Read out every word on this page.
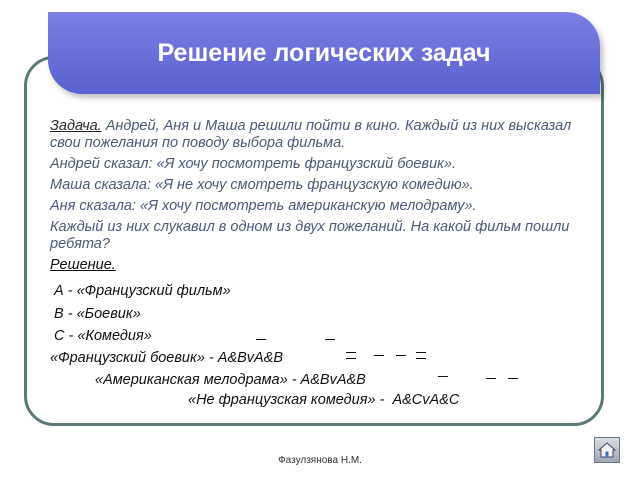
Решение логических задач

Задача. Андрей, Аня и Маша решили пойти в кино. Каждый из них высказал свои пожелания по поводу выбора фильма.

Андрей сказал: «Я хочу посмотреть французский боевик».

Маша сказала: «Я не хочу смотреть французскую комедию».

Аня сказала: «Я хочу посмотреть американскую мелодраму».

Каждый из них слукавил в одном из двух пожеланий. На какой фильм пошли ребята?

Решение.

А - «Французский фильм»
В - «Боевик»
С - «Комедия»
«Французский боевик» - A&BvA&B
«Американская мелодрама» - A&BvA&B
«Не французская комедия» -  A&CvA&C
Фазулзянова Н.М.
